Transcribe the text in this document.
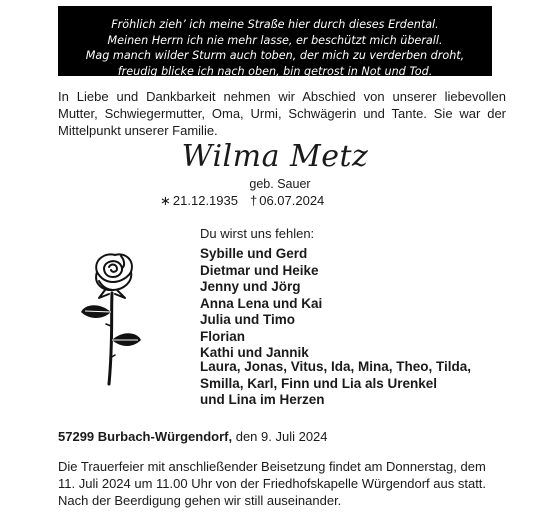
Fröhlich zieh’ ich meine Straße hier durch dieses Erdental.
Meinen Herrn ich nie mehr lasse, er beschützt mich überall.
Mag manch wilder Sturm auch toben, der mich zu verderben droht,
freudig blicke ich nach oben, bin getrost in Not und Tod.
In Liebe und Dankbarkeit nehmen wir Abschied von unserer liebevollen Mutter, Schwiegermutter, Oma, Urmi, Schwägerin und Tante. Sie war der Mittelpunkt unserer Familie.
Wilma Metz
geb. Sauer
∗ 21.12.1935 † 06.07.2024
Du wirst uns fehlen:
Sybille und Gerd
Dietmar und Heike
Jenny und Jörg
Anna Lena und Kai
Julia und Timo
Florian
Kathi und Jannik
Laura, Jonas, Vitus, Ida, Mina, Theo, Tilda,
Smilla, Karl, Finn und Lia als Urenkel
und Lina im Herzen
57299 Burbach-Würgendorf, den 9. Juli 2024
Die Trauerfeier mit anschließender Beisetzung findet am Donnerstag, dem
11. Juli 2024 um 11.00 Uhr von der Friedhofskapelle Würgendorf aus statt.
Nach der Beerdigung gehen wir still auseinander.
